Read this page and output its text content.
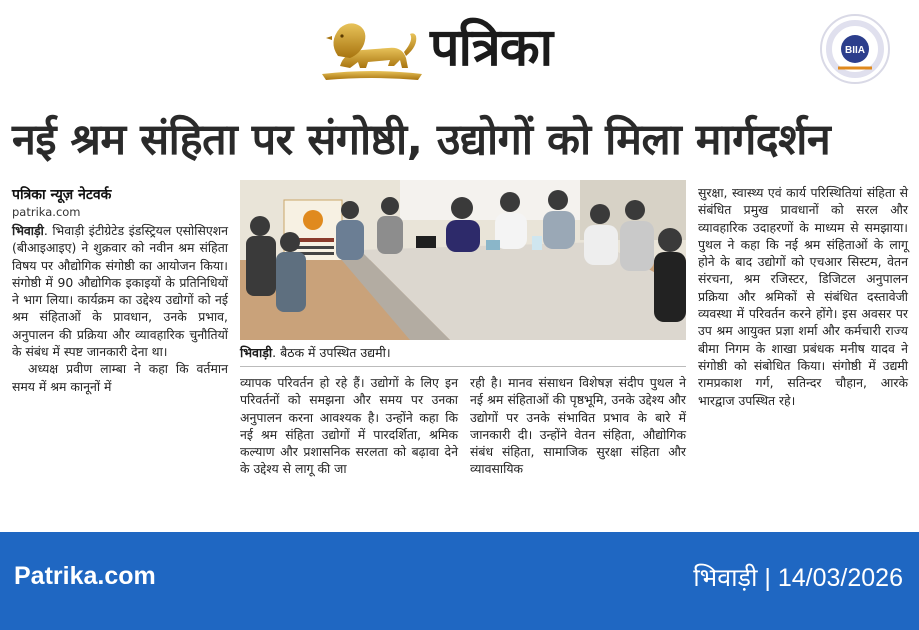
पत्रिका	BIIA
नई श्रम संहिता पर संगोष्ठी, उद्योगों को मिला मार्गदर्शन

पत्रिका न्यूज़ नेटवर्क

patrika.com

भिवाड़ी. भिवाड़ी इंटीग्रेटेड इंडस्ट्रियल एसोसिएशन (बीआइआइए) ने शुक्रवार को नवीन श्रम संहिता विषय पर औद्योगिक संगोष्ठी का आयोजन किया। संगोष्ठी में 90 औद्योगिक इकाइयों के प्रतिनिधियों ने भाग लिया। कार्यक्रम का उद्देश्य उद्योगों को नई श्रम संहिताओं के प्रावधान, उनके प्रभाव, अनुपालन की प्रक्रिया और व्यावहारिक चुनौतियों के संबंध में स्पष्ट जानकारी देना था।

अध्यक्ष प्रवीण लाम्बा ने कहा कि वर्तमान समय में श्रम कानूनों में

भिवाड़ी. बैठक में उपस्थित उद्यमी।

व्यापक परिवर्तन हो रहे हैं। उद्योगों के लिए इन परिवर्तनों को समझना और समय पर उनका अनुपालन करना आवश्यक है। उन्होंने कहा कि नई श्रम संहिता उद्योगों में पारदर्शिता, श्रमिक कल्याण और प्रशासनिक सरलता को बढ़ावा देने के उद्देश्य से लागू की जा

रही है। मानव संसाधन विशेषज्ञ संदीप पुथल ने नई श्रम संहिताओं की पृष्ठभूमि, उनके उद्देश्य और उद्योगों पर उनके संभावित प्रभाव के बारे में जानकारी दी। उन्होंने वेतन संहिता, औद्योगिक संबंध संहिता, सामाजिक सुरक्षा संहिता और व्यावसायिक

सुरक्षा, स्वास्थ्य एवं कार्य परिस्थितियां संहिता से संबंधित प्रमुख प्रावधानों को सरल और व्यावहारिक उदाहरणों के माध्यम से समझाया। पुथल ने कहा कि नई श्रम संहिताओं के लागू होने के बाद उद्योगों को एचआर सिस्टम, वेतन संरचना, श्रम रजिस्टर, डिजिटल अनुपालन प्रक्रिया और श्रमिकों से संबंधित दस्तावेजी व्यवस्था में परिवर्तन करने होंगे। इस अवसर पर उप श्रम आयुक्त प्रज्ञा शर्मा और कर्मचारी राज्य बीमा निगम के शाखा प्रबंधक मनीष यादव ने संगोष्ठी को संबोधित किया। संगोष्ठी में उद्यमी रामप्रकाश गर्ग, सतिन्दर चौहान, आरके भारद्वाज उपस्थित रहे।

Patrika.com	भिवाड़ी | 14/03/2026
